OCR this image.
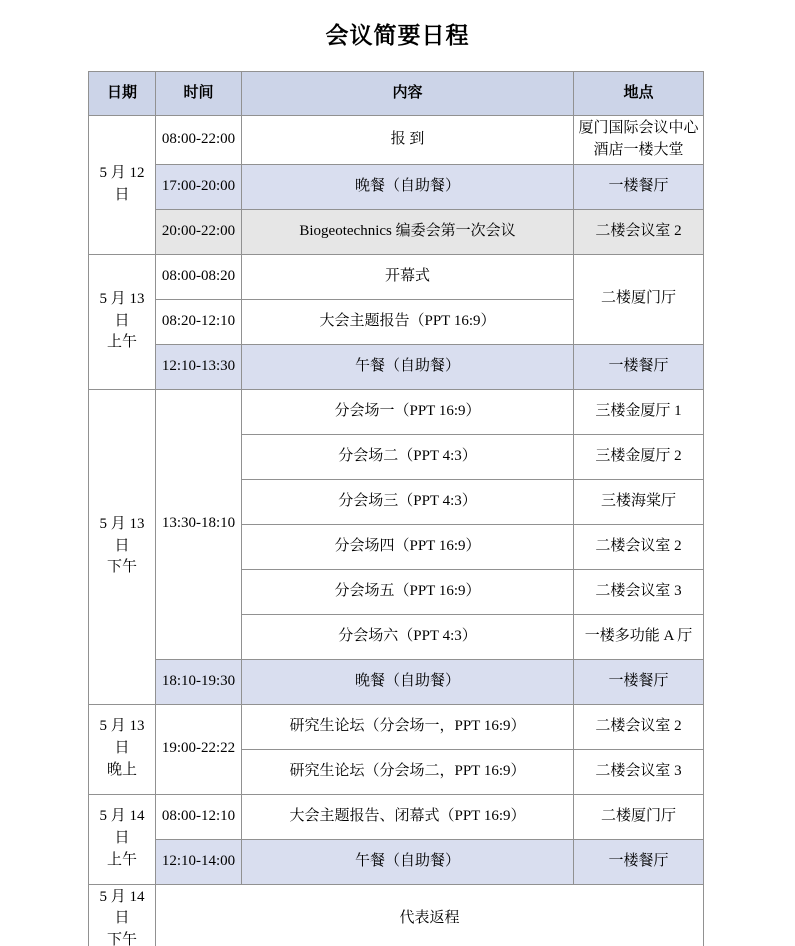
会议简要日程
日期	时间	内容	地点

5 月 12 日	08:00-22:00	报 到	厦门国际会议中心酒店一楼大堂
	17:00-20:00	晚餐（自助餐）	一楼餐厅
	20:00-22:00	Biogeotechnics 编委会第一次会议	二楼会议室 2

5 月 13 日
上午	08:00-08:20	开幕式	二楼厦门厅
	08:20-12:10	大会主题报告（PPT 16:9）	
	12:10-13:30	午餐（自助餐）	一楼餐厅

5 月 13 日
下午	13:30-18:10	分会场一（PPT 16:9）	三楼金厦厅 1
		分会场二（PPT 4:3）	三楼金厦厅 2
		分会场三（PPT 4:3）	三楼海棠厅
		分会场四（PPT 16:9）	二楼会议室 2
		分会场五（PPT 16:9）	二楼会议室 3
		分会场六（PPT 4:3）	一楼多功能 A 厅
	18:10-19:30	晚餐（自助餐）	一楼餐厅

5 月 13 日
晚上	19:00-22:22	研究生论坛（分会场一，PPT 16:9）	二楼会议室 2
		研究生论坛（分会场二，PPT 16:9）	二楼会议室 3

5 月 14 日
上午	08:00-12:10	大会主题报告、闭幕式（PPT 16:9）	二楼厦门厅
	12:10-14:00	午餐（自助餐）	一楼餐厅

5 月 14 日
下午	代表返程		
